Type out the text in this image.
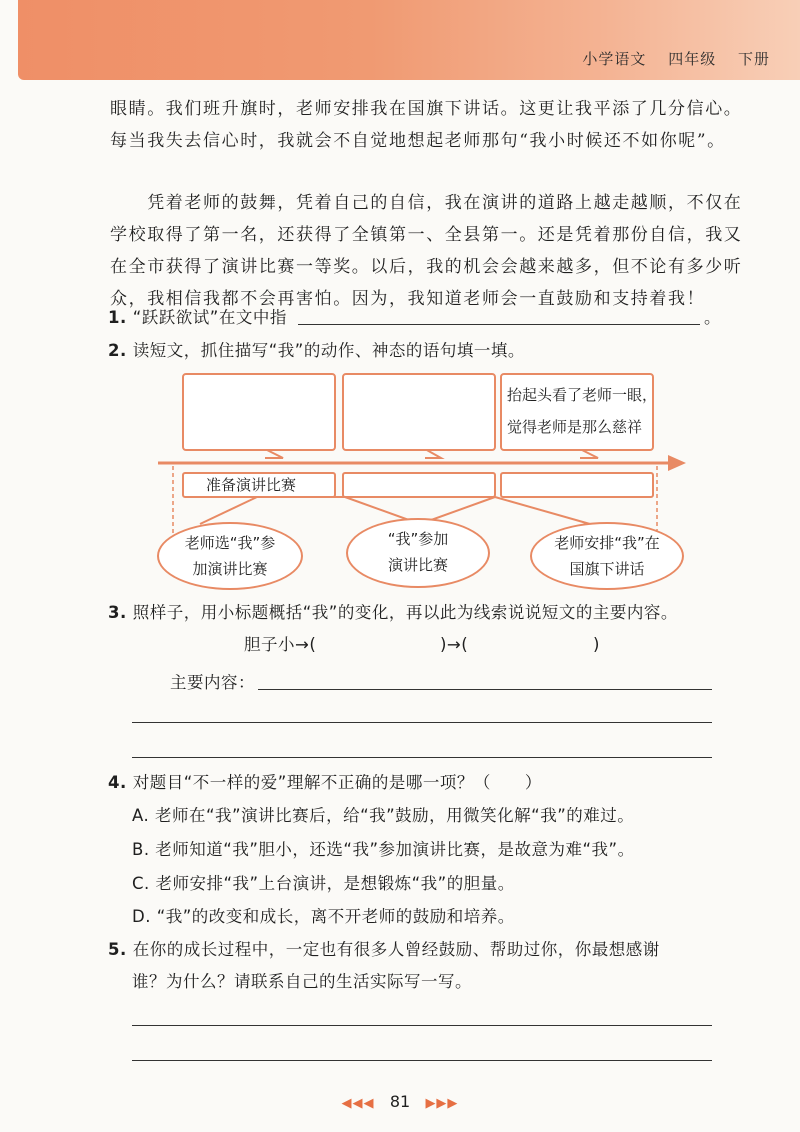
小学语文 四年级 下册
眼睛。我们班升旗时，老师安排我在国旗下讲话。这更让我平添了几分信心。
每当我失去信心时，我就会不自觉地想起老师那句“我小时候还不如你呢”。
　　凭着老师的鼓舞，凭着自己的自信，我在演讲的道路上越走越顺，不仅在
学校取得了第一名，还获得了全镇第一、全县第一。还是凭着那份自信，我又
在全市获得了演讲比赛一等奖。以后，我的机会会越来越多，但不论有多少听
众，我相信我都不会再害怕。因为，我知道老师会一直鼓励和支持着我！
1. “跃跃欲试”在文中指	。
2. 读短文，抓住描写“我”的动作、神态的语句填一填。
抬起头看了老师一眼，
觉得老师是那么慈祥
准备演讲比赛
老师选“我”参
加演讲比赛
“我”参加
演讲比赛
老师安排“我”在
国旗下讲话
3. 照样子，用小标题概括“我”的变化，再以此为线索说说短文的主要内容。
胆子小→(	)→(	)
主要内容：
4. 对题目“不一样的爱”理解不正确的是哪一项？（　　）
A. 老师在“我”演讲比赛后，给“我”鼓励，用微笑化解“我”的难过。
B. 老师知道“我”胆小，还选“我”参加演讲比赛，是故意为难“我”。
C. 老师安排“我”上台演讲，是想锻炼“我”的胆量。
D. “我”的改变和成长，离不开老师的鼓励和培养。
5. 在你的成长过程中，一定也有很多人曾经鼓励、帮助过你，你最想感谢
谁？为什么？请联系自己的生活实际写一写。
◀◀◀ 81 ▶▶▶
